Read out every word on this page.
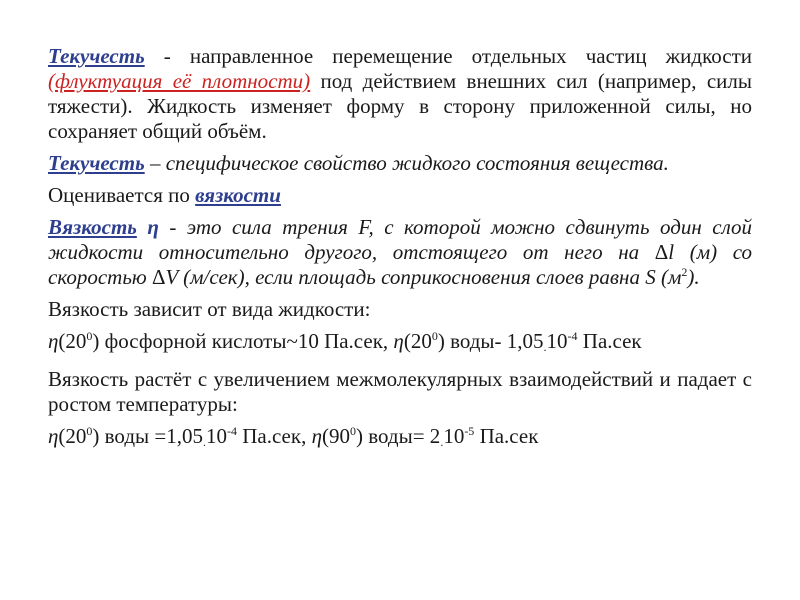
Текучесть - направленное перемещение отдельных частиц жидкости (флуктуация её плотности) под действием внешних сил (например, силы тяжести). Жидкость изменяет форму в сторону приложенной силы, но сохраняет общий объём.

Текучесть – специфическое свойство жидкого состояния вещества.

Оценивается по вязкости

Вязкость η - это сила трения F, с которой можно сдвинуть один слой жидкости относительно другого, отстоящего от него на Δl (м) со скоростью ΔV (м/сек), если площадь соприкосновения слоев равна S $(м^2)$.

Вязкость зависит от вида жидкости:

$\eta(20^0)$ фосфорной кислоты~10 Па.сек, $\eta(20^0)$ воды- $1,05.10^{-4}$ Па.сек

Вязкость растёт с увеличением межмолекулярных взаимодействий и падает с ростом температуры:

$\eta(20^0)$ воды $=1,05.10^{-4}$ Па.сек, $\eta(90^0)$ воды= $2.10^{-5}$ Па.сек
